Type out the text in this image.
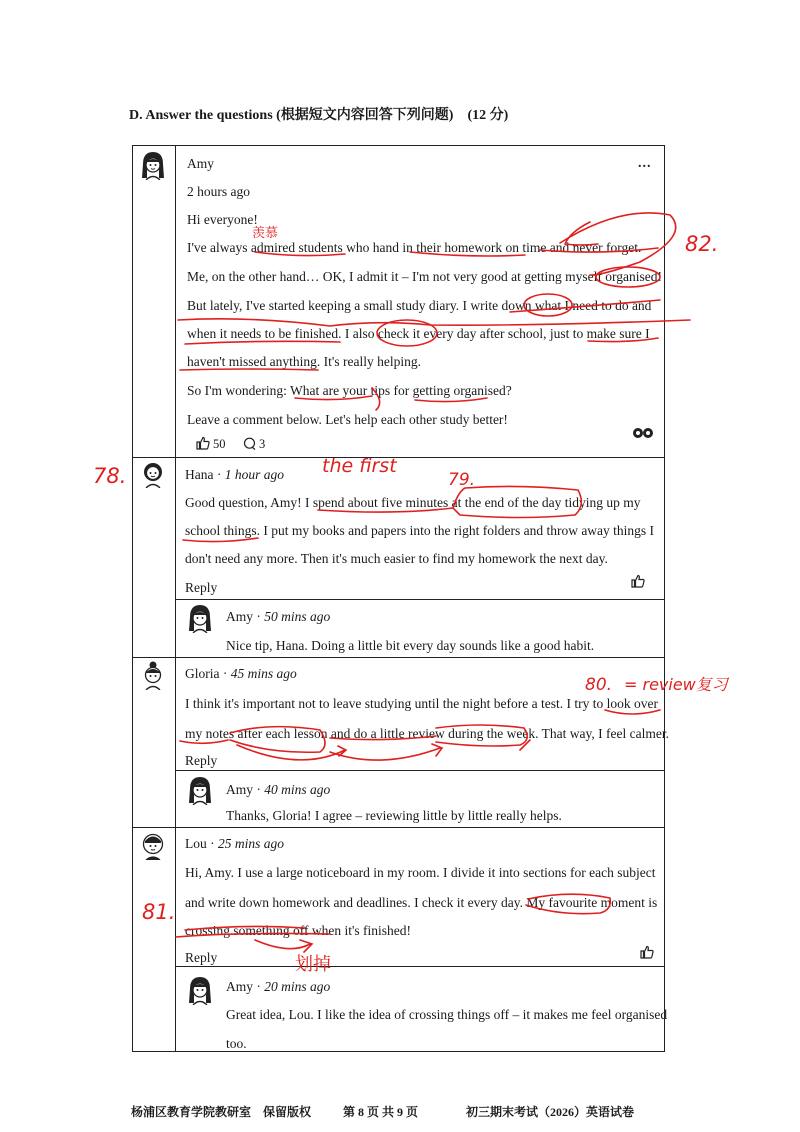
D. Answer the questions (根据短文内容回答下列问题)　(12 分)
Amy	...
2 hours ago
Hi everyone!
I've always admired students who hand in their homework on time and never forget.
Me, on the other hand… OK, I admit it – I'm not very good at getting myself organised!
But lately, I've started keeping a small study diary. I write down what I need to do and
when it needs to be finished. I also check it every day after school, just to make sure I
haven't missed anything. It's really helping.
So I'm wondering: What are your tips for getting organised?
Leave a comment below. Let's help each other study better!
50	3
Hana · 1 hour ago
Good question, Amy! I spend about five minutes at the end of the day tidying up my
school things. I put my books and papers into the right folders and throw away things I
don't need any more. Then it's much easier to find my homework the next day.
Reply
Amy · 50 mins ago
Nice tip, Hana. Doing a little bit every day sounds like a good habit.
Gloria · 45 mins ago
I think it's important not to leave studying until the night before a test. I try to look over
my notes after each lesson and do a little review during the week. That way, I feel calmer.
Reply
Amy · 40 mins ago
Thanks, Gloria! I agree – reviewing little by little really helps.
Lou · 25 mins ago
Hi, Amy. I use a large noticeboard in my room. I divide it into sections for each subject
and write down homework and deadlines. I check it every day. My favourite moment is
crossing something off when it's finished!
Reply
Amy · 20 mins ago
Great idea, Lou. I like the idea of crossing things off – it makes me feel organised
too.
82.
78.	79.
80. = review复习
81.
the first
羡慕
划掉
杨浦区教育学院教研室　保留版权	第 8 页 共 9 页	初三期末考试（2026）英语试卷
